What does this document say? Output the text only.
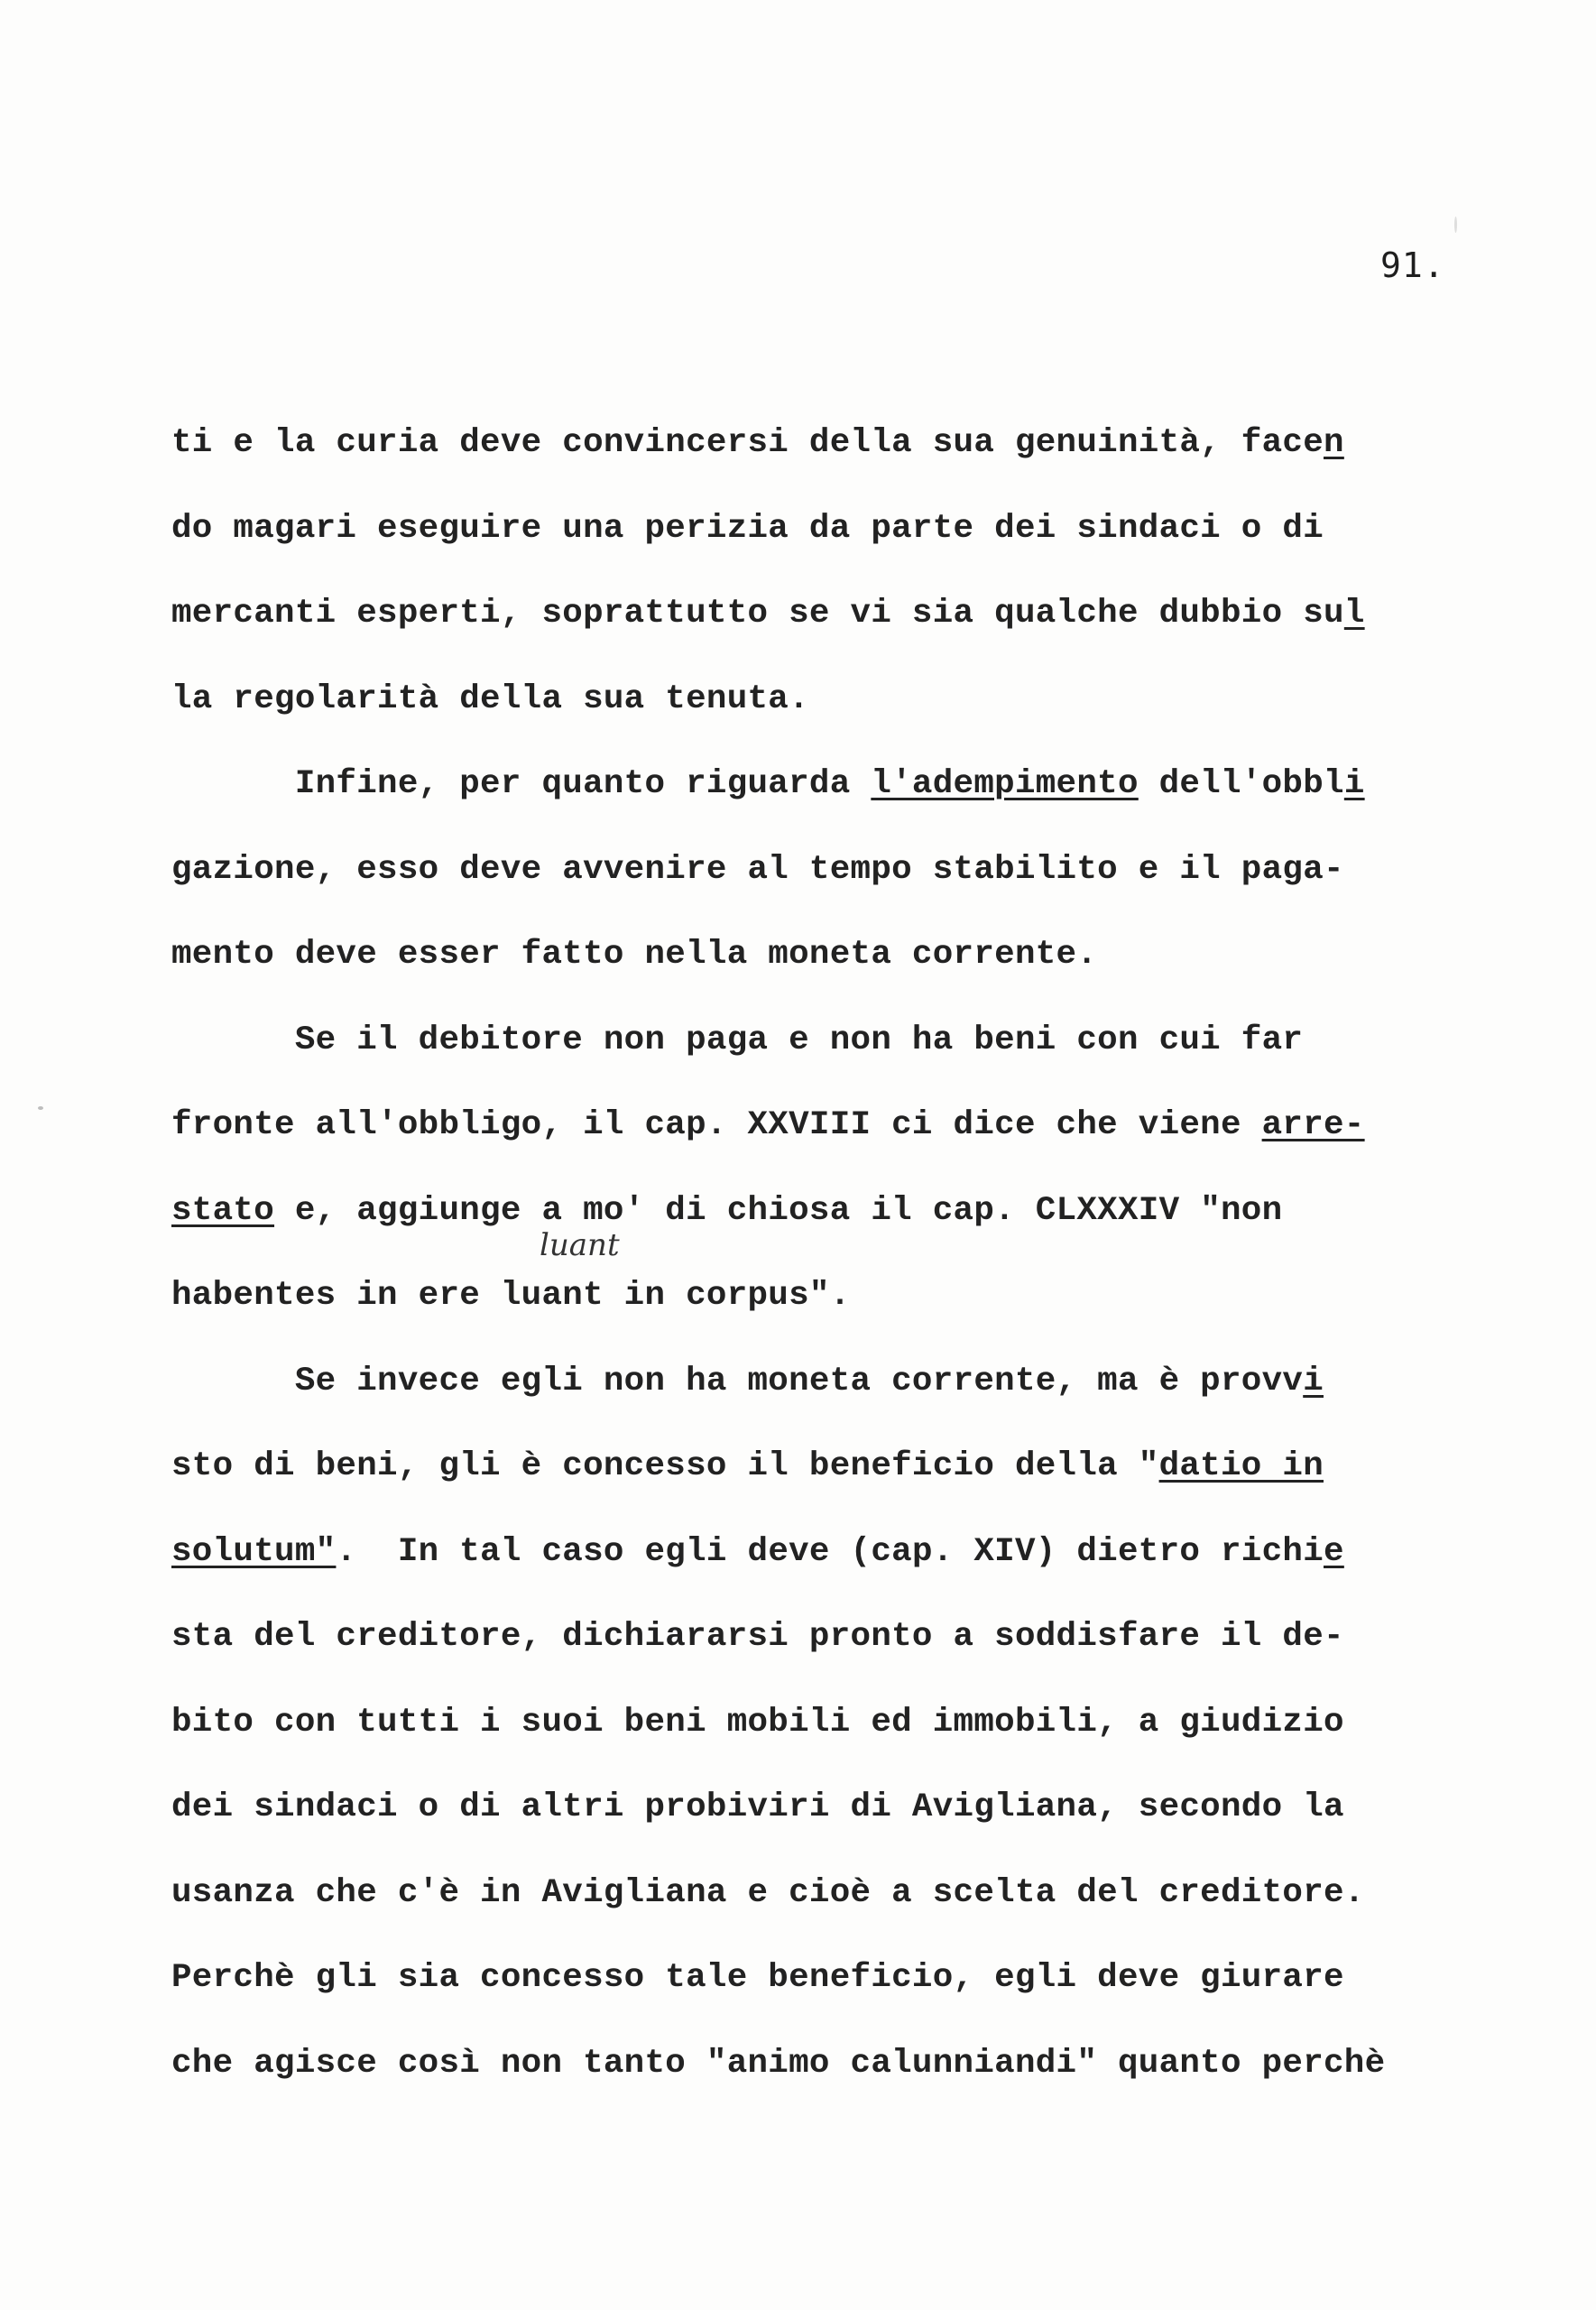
91.
ti e la curia deve convincersi della sua genuinità, facen
do magari eseguire una perizia da parte dei sindaci o di
mercanti esperti, soprattutto se vi sia qualche dubbio sul
la regolarità della sua tenuta.
Infine, per quanto riguarda l'adempimento dell'obbli
gazione, esso deve avvenire al tempo stabilito e il paga-
mento deve esser fatto nella moneta corrente.
Se il debitore non paga e non ha beni con cui far
fronte all'obbligo, il cap. XXVIII ci dice che viene arre-
stato e, aggiunge a mo' di chiosa il cap. CLXXXIV "non
habentes in ere luant in corpus".
Se invece egli non ha moneta corrente, ma è provvi
sto di beni, gli è concesso il beneficio della "datio in
solutum".  In tal caso egli deve (cap. XIV) dietro richie
sta del creditore, dichiararsi pronto a soddisfare il de-
bito con tutti i suoi beni mobili ed immobili, a giudizio
dei sindaci o di altri probiviri di Avigliana, secondo la
usanza che c'è in Avigliana e cioè a scelta del creditore.
Perchè gli sia concesso tale beneficio, egli deve giurare
che agisce così non tanto "animo calunniandi" quanto perchè
luant
